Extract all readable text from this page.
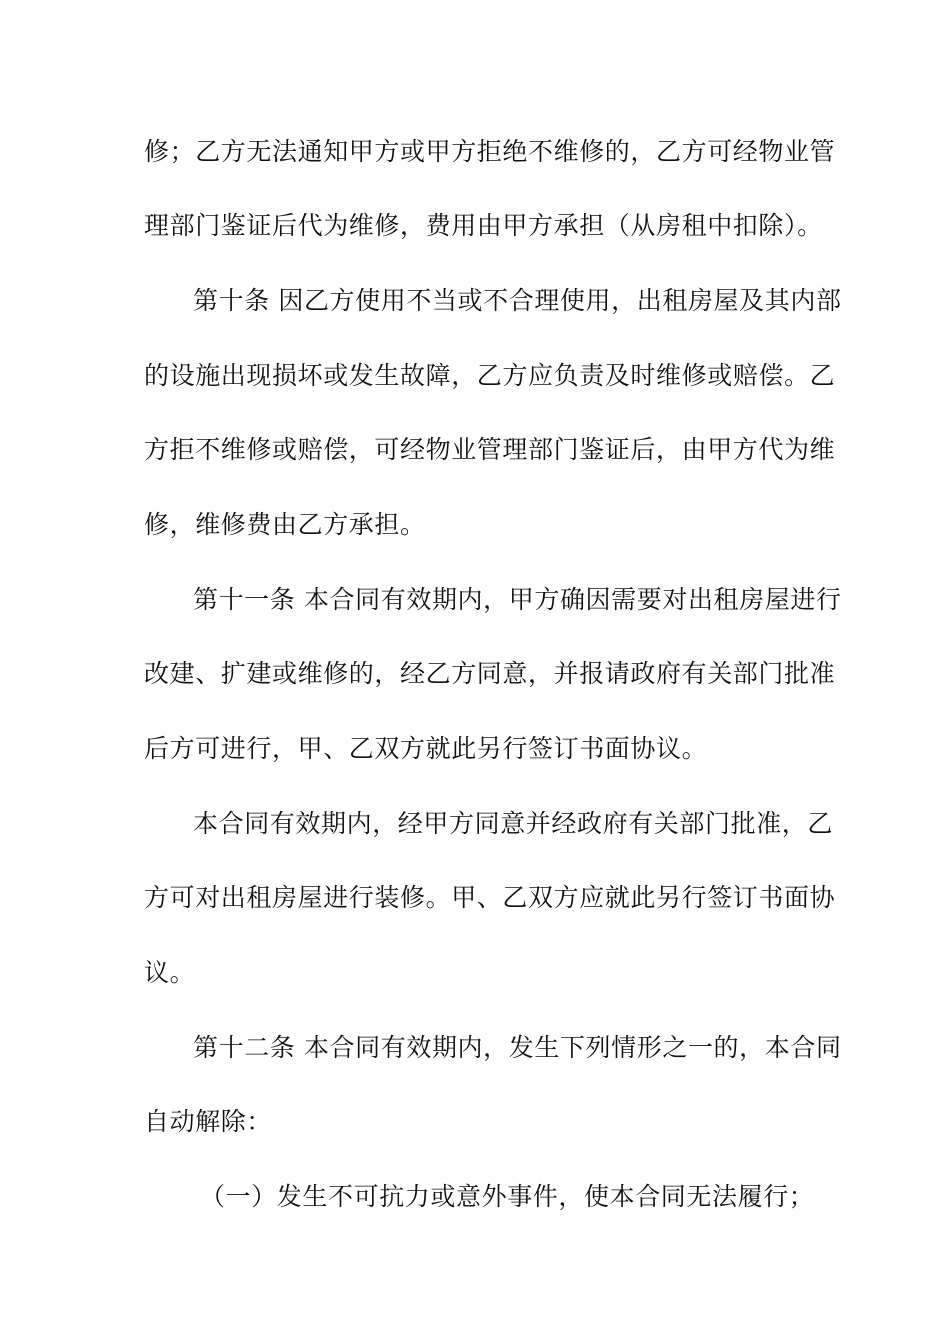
修；乙方无法通知甲方或甲方拒绝不维修的，乙方可经物业管
理部门鉴证后代为维修，费用由甲方承担（从房租中扣除）。
第十条 因乙方使用不当或不合理使用，出租房屋及其内部
的设施出现损坏或发生故障，乙方应负责及时维修或赔偿。乙
方拒不维修或赔偿，可经物业管理部门鉴证后，由甲方代为维
修，维修费由乙方承担。
第十一条 本合同有效期内，甲方确因需要对出租房屋进行
改建、扩建或维修的，经乙方同意，并报请政府有关部门批准
后方可进行，甲、乙双方就此另行签订书面协议。
本合同有效期内，经甲方同意并经政府有关部门批准，乙
方可对出租房屋进行装修。甲、乙双方应就此另行签订书面协
议。
第十二条 本合同有效期内，发生下列情形之一的，本合同
自动解除：
（一）发生不可抗力或意外事件，使本合同无法履行；
